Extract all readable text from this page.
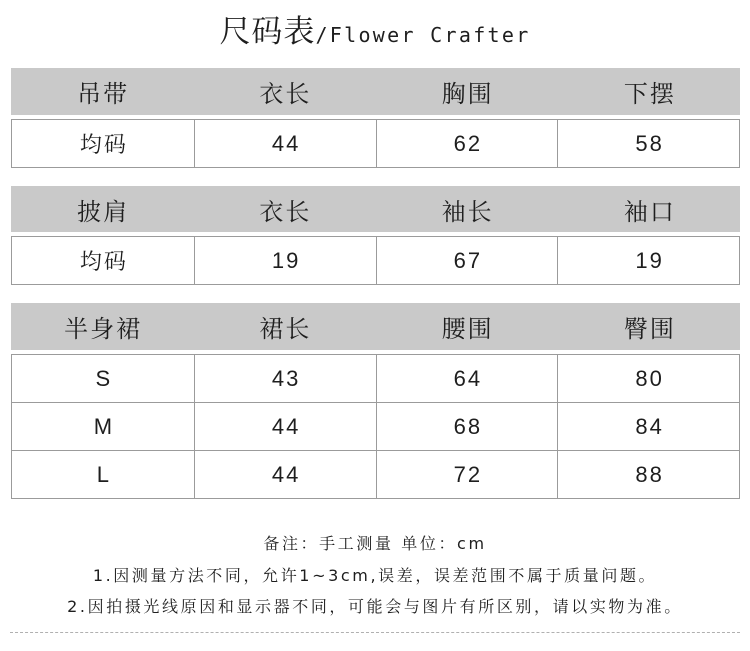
尺码表/Flower Crafter
吊带	衣长	胸围	下摆
均码	44	62	58
披肩	衣长	袖长	袖口
均码	19	67	19
半身裙	裙长	腰围	臀围
S	43	64	80
M	44	68	84
L	44	72	88
备注：手工测量 单位：cm
1.因测量方法不同，允许1~3cm,误差，误差范围不属于质量问题。
2.因拍摄光线原因和显示器不同，可能会与图片有所区别，请以实物为准。
